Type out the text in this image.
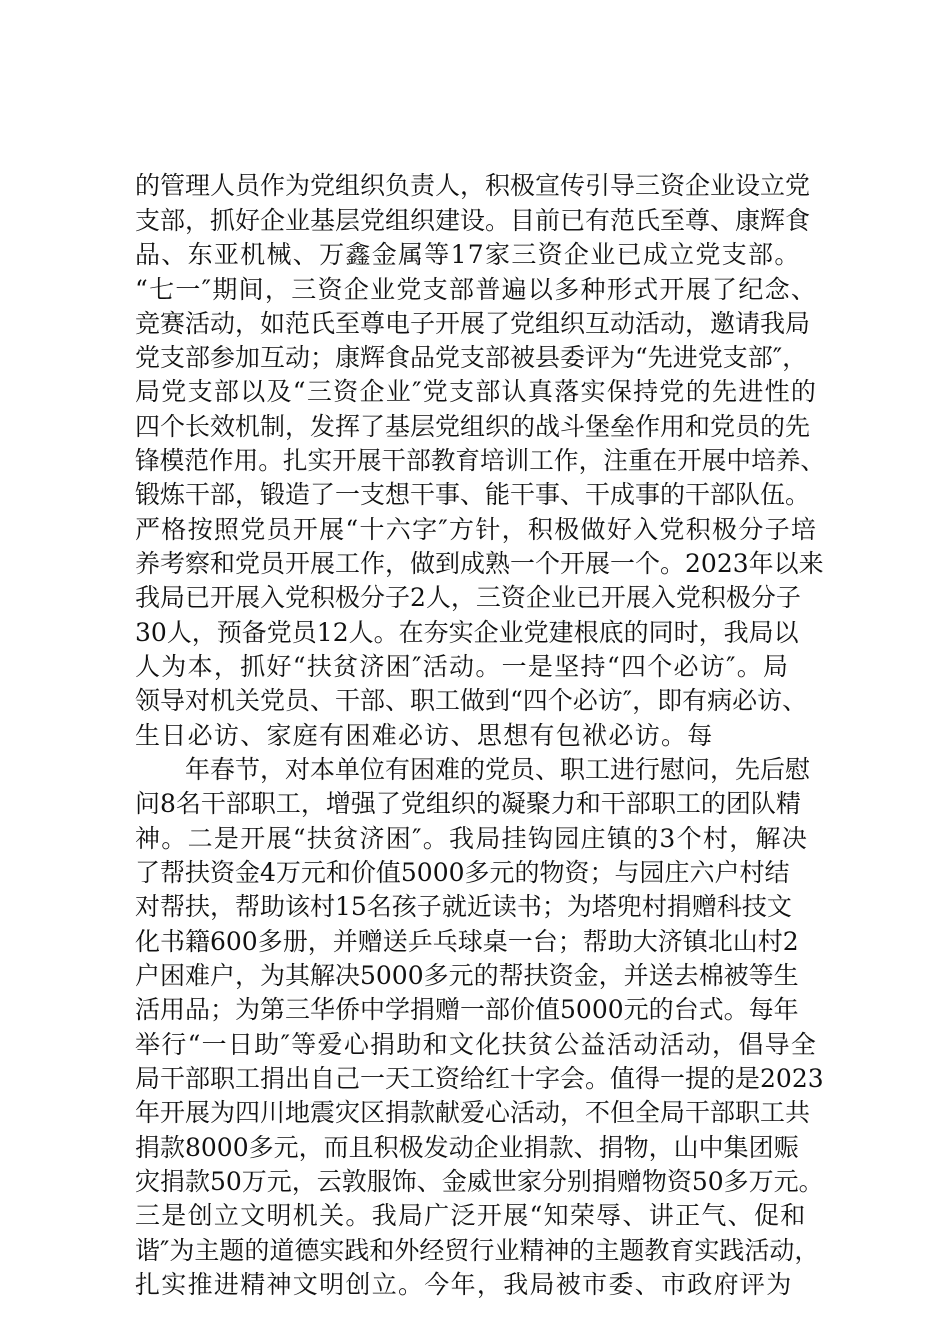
的管理人员作为党组织负责人，积极宣传引导三资企业设立党
支部，抓好企业基层党组织建设。目前已有范氏至尊、康辉食
品、东亚机械、万鑫金属等17家三资企业已成立党支部。
“七一″期间，三资企业党支部普遍以多种形式开展了纪念、
竞赛活动，如范氏至尊电子开展了党组织互动活动，邀请我局
党支部参加互动；康辉食品党支部被县委评为“先进党支部″，
局党支部以及“三资企业″党支部认真落实保持党的先进性的
四个长效机制，发挥了基层党组织的战斗堡垒作用和党员的先
锋模范作用。扎实开展干部教育培训工作，注重在开展中培养、
锻炼干部，锻造了一支想干事、能干事、干成事的干部队伍。
严格按照党员开展“十六字″方针，积极做好入党积极分子培
养考察和党员开展工作，做到成熟一个开展一个。2023年以来
我局已开展入党积极分子2人，三资企业已开展入党积极分子
30人，预备党员12人。在夯实企业党建根底的同时，我局以
人为本，抓好“扶贫济困″活动。一是坚持“四个必访″。局
领导对机关党员、干部、职工做到“四个必访″，即有病必访、
生日必访、家庭有困难必访、思想有包袱必访。每
　　年春节，对本单位有困难的党员、职工进行慰问，先后慰
问8名干部职工，增强了党组织的凝聚力和干部职工的团队精
神。二是开展“扶贫济困″。我局挂钩园庄镇的3个村，解决
了帮扶资金4万元和价值5000多元的物资；与园庄六户村结
对帮扶，帮助该村15名孩子就近读书；为塔兜村捐赠科技文
化书籍600多册，并赠送乒乓球桌一台；帮助大济镇北山村2
户困难户，为其解决5000多元的帮扶资金，并送去棉被等生
活用品；为第三华侨中学捐赠一部价值5000元的台式。每年
举行“一日助″等爱心捐助和文化扶贫公益活动活动，倡导全
局干部职工捐出自己一天工资给红十字会。值得一提的是2023
年开展为四川地震灾区捐款献爱心活动，不但全局干部职工共
捐款8000多元，而且积极发动企业捐款、捐物，山中集团赈
灾捐款50万元，云敦服饰、金威世家分别捐赠物资50多万元。
三是创立文明机关。我局广泛开展“知荣辱、讲正气、促和
谐″为主题的道德实践和外经贸行业精神的主题教育实践活动，
扎实推进精神文明创立。今年，我局被市委、市政府评为
